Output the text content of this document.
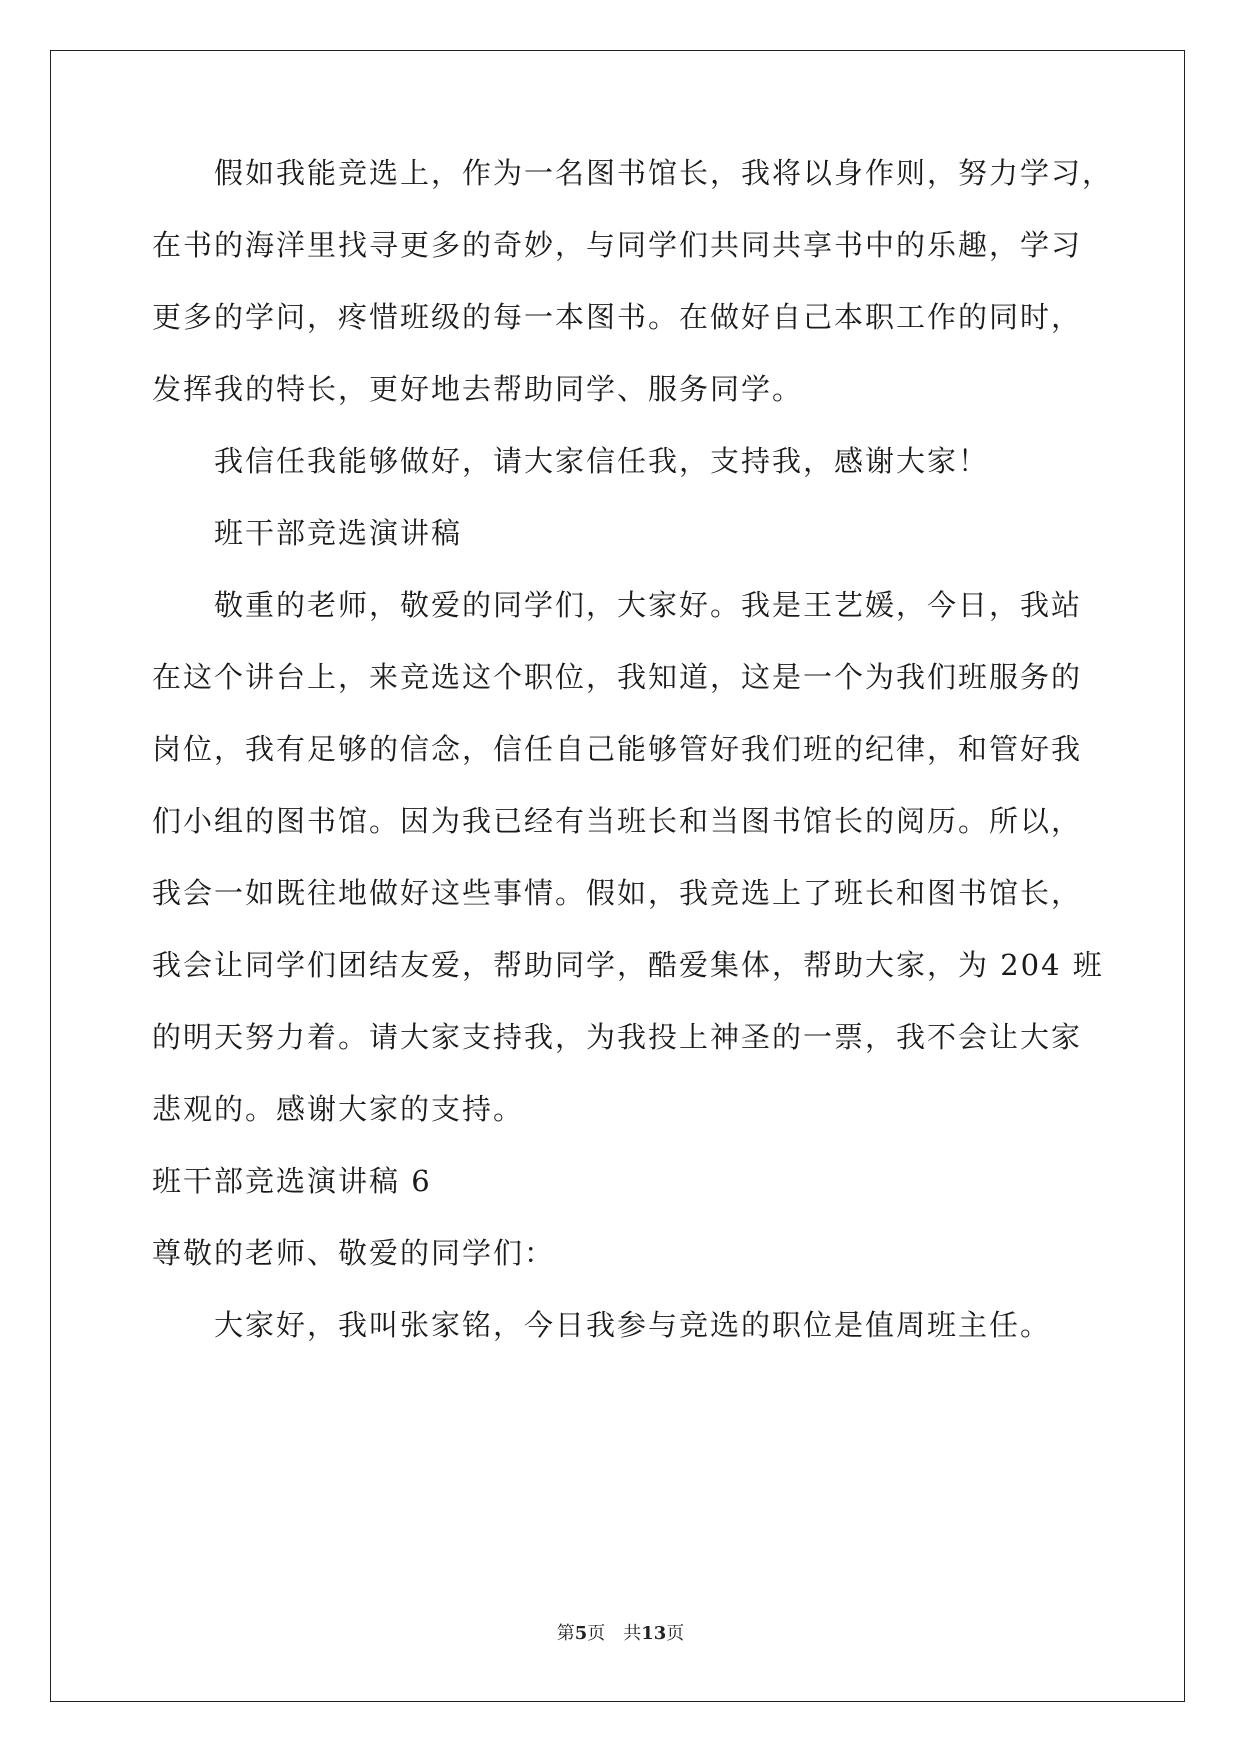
假如我能竞选上，作为一名图书馆长，我将以身作则，努力学习，
在书的海洋里找寻更多的奇妙，与同学们共同共享书中的乐趣，学习
更多的学问，疼惜班级的每一本图书。在做好自己本职工作的同时，
发挥我的特长，更好地去帮助同学、服务同学。
我信任我能够做好，请大家信任我，支持我，感谢大家！
班干部竞选演讲稿
敬重的老师，敬爱的同学们，大家好。我是王艺媛，今日，我站
在这个讲台上，来竞选这个职位，我知道，这是一个为我们班服务的
岗位，我有足够的信念，信任自己能够管好我们班的纪律，和管好我
们小组的图书馆。因为我已经有当班长和当图书馆长的阅历。所以，
我会一如既往地做好这些事情。假如，我竞选上了班长和图书馆长，
我会让同学们团结友爱，帮助同学，酷爱集体，帮助大家，为 204 班
的明天努力着。请大家支持我，为我投上神圣的一票，我不会让大家
悲观的。感谢大家的支持。
班干部竞选演讲稿 6
尊敬的老师、敬爱的同学们：
大家好，我叫张家铭，今日我参与竞选的职位是值周班主任。
第5页　共13页
